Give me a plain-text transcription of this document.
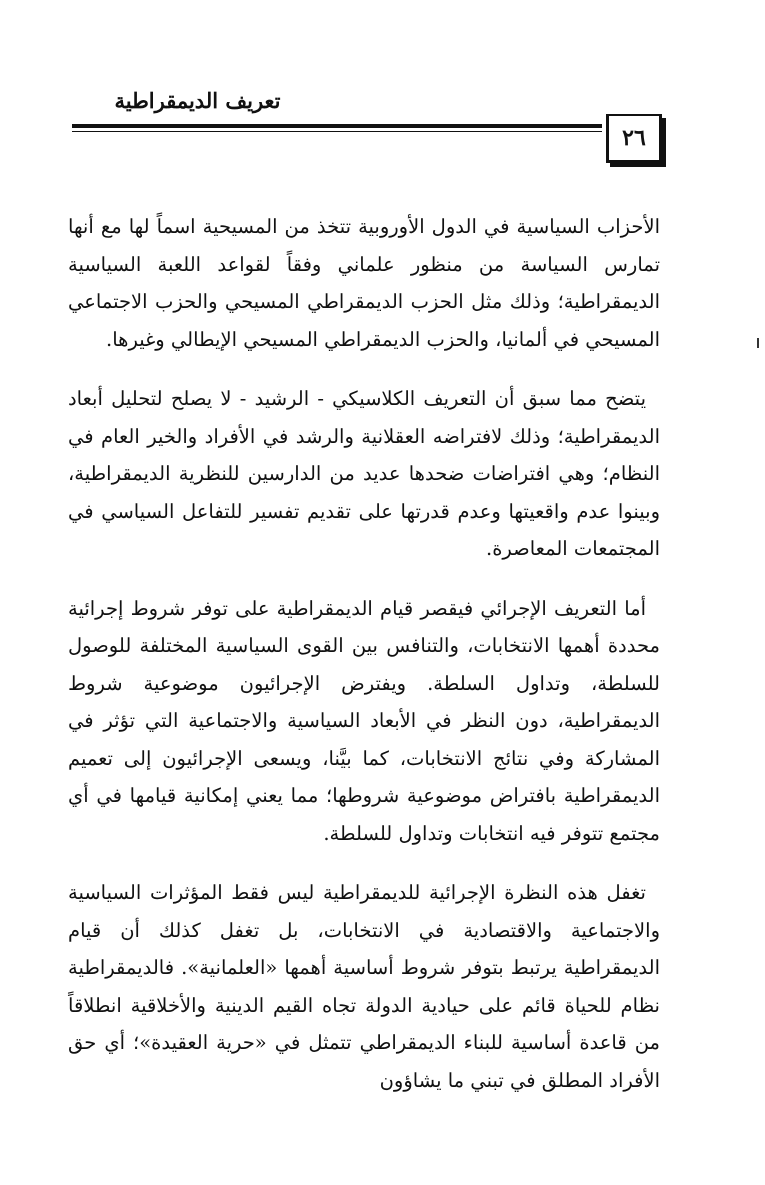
تعريف الديمقراطية
٢٦

الأحزاب السياسية في الدول الأوروبية تتخذ من المسيحية اسماً لها مع أنها تمارس السياسة من منظور علماني وفقاً لقواعد اللعبة السياسية الديمقراطية؛ وذلك مثل الحزب الديمقراطي المسيحي والحزب الاجتماعي المسيحي في ألمانيا، والحزب الديمقراطي المسيحي الإيطالي وغيرها.

يتضح مما سبق أن التعريف الكلاسيكي - الرشيد - لا يصلح لتحليل أبعاد الديمقراطية؛ وذلك لافتراضه العقلانية والرشد في الأفراد والخير العام في النظام؛ وهي افتراضات ضحدها عديد من الدارسين للنظرية الديمقراطية، وبينوا عدم واقعيتها وعدم قدرتها على تقديم تفسير للتفاعل السياسي في المجتمعات المعاصرة.

أما التعريف الإجرائي فيقصر قيام الديمقراطية على توفر شروط إجرائية محددة أهمها الانتخابات، والتنافس بين القوى السياسية المختلفة للوصول للسلطة، وتداول السلطة. ويفترض الإجرائيون موضوعية شروط الديمقراطية، دون النظر في الأبعاد السياسية والاجتماعية التي تؤثر في المشاركة وفي نتائج الانتخابات، كما بيَّنا، ويسعى الإجرائيون إلى تعميم الديمقراطية بافتراض موضوعية شروطها؛ مما يعني إمكانية قيامها في أي مجتمع تتوفر فيه انتخابات وتداول للسلطة.

تغفل هذه النظرة الإجرائية للديمقراطية ليس فقط المؤثرات السياسية والاجتماعية والاقتصادية في الانتخابات، بل تغفل كذلك أن قيام الديمقراطية يرتبط بتوفر شروط أساسية أهمها «العلمانية». فالديمقراطية نظام للحياة قائم على حيادية الدولة تجاه القيم الدينية والأخلاقية انطلاقاً من قاعدة أساسية للبناء الديمقراطي تتمثل في «حرية العقيدة»؛ أي حق الأفراد المطلق في تبني ما يشاؤون
